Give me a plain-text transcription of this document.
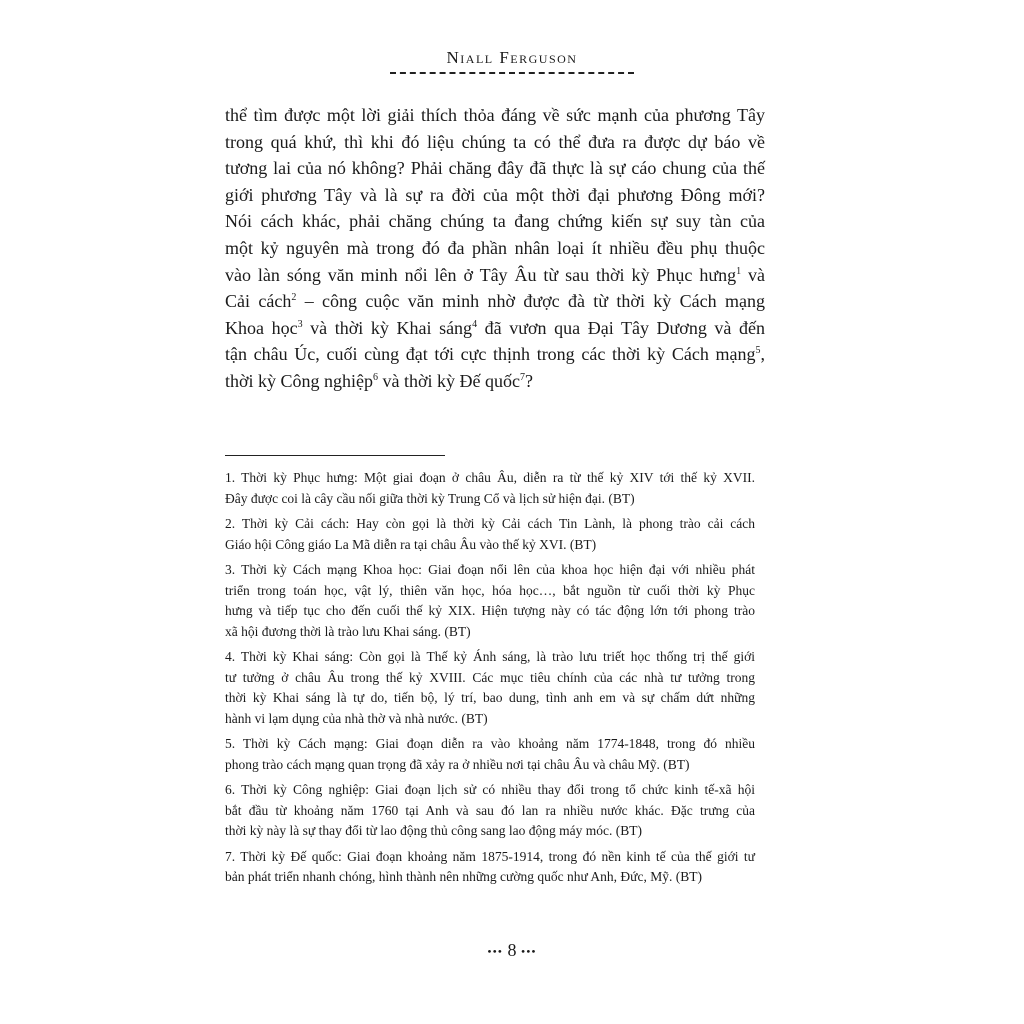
Niall Ferguson
thể tìm được một lời giải thích thỏa đáng về sức mạnh của phương Tây
trong quá khứ, thì khi đó liệu chúng ta có thể đưa ra được dự báo về
tương lai của nó không? Phải chăng đây đã thực là sự cáo chung của thế
giới phương Tây và là sự ra đời của một thời đại phương Đông mới?
Nói cách khác, phải chăng chúng ta đang chứng kiến sự suy tàn của
một kỷ nguyên mà trong đó đa phần nhân loại ít nhiều đều phụ thuộc
vào làn sóng văn minh nổi lên ở Tây Âu từ sau thời kỳ Phục hưng$^1$ và
Cải cách$^2$ – công cuộc văn minh nhờ được đà từ thời kỳ Cách mạng
Khoa học$^3$ và thời kỳ Khai sáng$^4$ đã vươn qua Đại Tây Dương và đến
tận châu Úc, cuối cùng đạt tới cực thịnh trong các thời kỳ Cách mạng$^5$,
thời kỳ Công nghiệp$^6$ và thời kỳ Đế quốc$^7$?
1. Thời kỳ Phục hưng: Một giai đoạn ở châu Âu, diễn ra từ thế kỷ XIV tới thế kỷ XVII.
Đây được coi là cây cầu nối giữa thời kỳ Trung Cổ và lịch sử hiện đại. (BT)
2. Thời kỳ Cải cách: Hay còn gọi là thời kỳ Cải cách Tin Lành, là phong trào cải cách
Giáo hội Công giáo La Mã diễn ra tại châu Âu vào thế kỷ XVI. (BT)
3. Thời kỳ Cách mạng Khoa học: Giai đoạn nổi lên của khoa học hiện đại với nhiều phát
triển trong toán học, vật lý, thiên văn học, hóa học…, bắt nguồn từ cuối thời kỳ Phục
hưng và tiếp tục cho đến cuối thế kỷ XIX. Hiện tượng này có tác động lớn tới phong trào
xã hội đương thời là trào lưu Khai sáng. (BT)
4. Thời kỳ Khai sáng: Còn gọi là Thế kỷ Ánh sáng, là trào lưu triết học thống trị thế giới
tư tưởng ở châu Âu trong thế kỷ XVIII. Các mục tiêu chính của các nhà tư tưởng trong
thời kỳ Khai sáng là tự do, tiến bộ, lý trí, bao dung, tình anh em và sự chấm dứt những
hành vi lạm dụng của nhà thờ và nhà nước. (BT)
5. Thời kỳ Cách mạng: Giai đoạn diễn ra vào khoảng năm 1774-1848, trong đó nhiều
phong trào cách mạng quan trọng đã xảy ra ở nhiều nơi tại châu Âu và châu Mỹ. (BT)
6. Thời kỳ Công nghiệp: Giai đoạn lịch sử có nhiều thay đổi trong tổ chức kinh tế-xã hội
bắt đầu từ khoảng năm 1760 tại Anh và sau đó lan ra nhiều nước khác. Đặc trưng của
thời kỳ này là sự thay đổi từ lao động thủ công sang lao động máy móc. (BT)
7. Thời kỳ Đế quốc: Giai đoạn khoảng năm 1875-1914, trong đó nền kinh tế của thế giới tư
bản phát triển nhanh chóng, hình thành nên những cường quốc như Anh, Đức, Mỹ. (BT)
••• 8 •••
